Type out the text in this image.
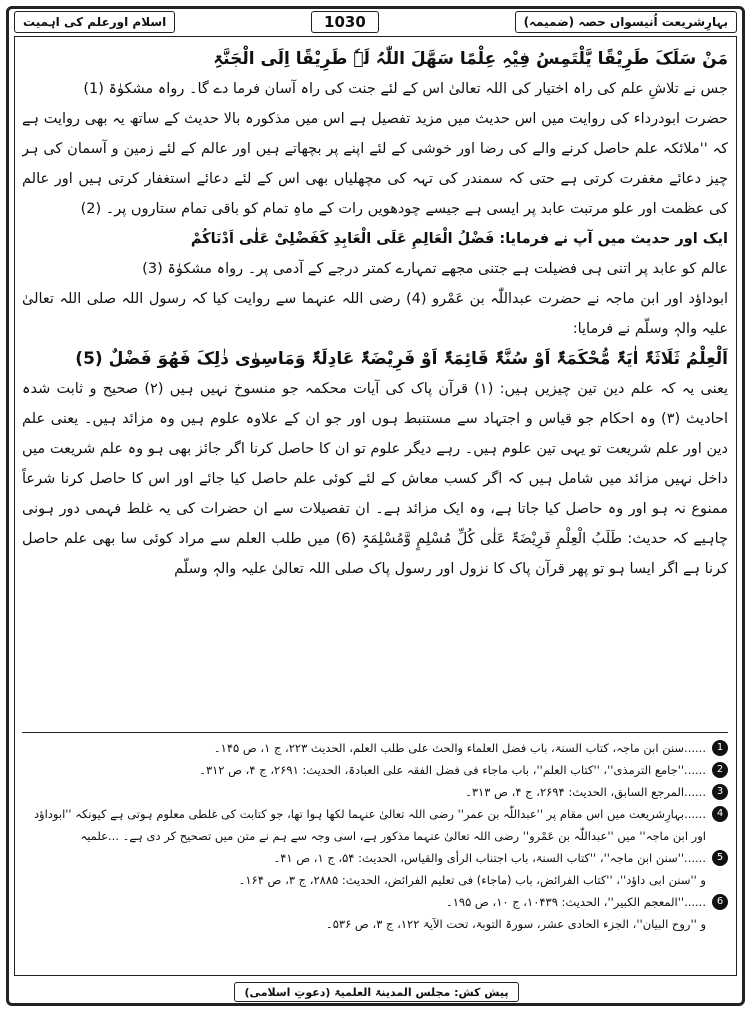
بہارِشریعت اُنیسواں حصہ (ضمیمہ)
1030
اسلام اورعلم کی اہمیت

مَنْ سَلَکَ طَرِیْقًا یَّلْتَمِسُ فِیْہِ عِلْمًا سَھَّلَ اللّٰہُ لَہٗ طَرِیْقًا اِلَی الْجَنَّۃِ

جس نے تلاشِ علم کی راہ اختیار کی اللہ تعالیٰ اس کے لئے جنت کی راہ آسان فرما دے گا۔ رواہ مشکوٰۃ (1)

حضرت ابودرداء کی روایت میں اس حدیث میں مزید تفصیل ہے اس میں مذکورہ بالا حدیث کے ساتھ یہ بھی روایت ہے کہ ''ملائکہ علم حاصل کرنے والے کی رضا اور خوشی کے لئے اپنے پر بچھاتے ہیں اور عالم کے لئے زمین و آسمان کی ہر چیز دعائے مغفرت کرتی ہے حتی کہ سمندر کی تہہ کی مچھلیاں بھی اس کے لئے دعائے استغفار کرتی ہیں اور عالم کی عظمت اور علو مرتبت عابد پر ایسی ہے جیسے چودھویں رات کے ماہِ تمام کو باقی تمام ستاروں پر۔ (2)

ایک اور حدیث میں آپ نے فرمایا: فَضْلُ الْعَالِمِ عَلَی الْعَابِدِ کَفَضْلِیْ عَلٰی اَدْنَاکُمْ

عالم کو عابد پر اتنی ہی فضیلت ہے جتنی مجھے تمہارے کمتر درجے کے آدمی پر۔ رواہ مشکوٰۃ (3)

ابوداؤد اور ابن ماجہ نے حضرت عبداللّٰہ بن عَمْرو (4) رضی اللہ عنہما سے روایت کیا کہ رسول اللہ صلی اللہ تعالیٰ علیہ والہٖ وسلّم نے فرمایا:

اَلْعِلْمُ ثَلَاثَۃٌ اٰیَۃٌ مُّحْکَمَۃٌ اَوْ سُنَّۃٌ قَائِمَۃٌ اَوْ فَرِیْضَۃٌ عَادِلَۃٌ وَمَاسِوٰی ذٰلِکَ فَھُوَ فَضْلٌ (5)

یعنی یہ کہ علم دین تین چیزیں ہیں: (۱) قرآن پاک کی آیات محکمہ جو منسوخ نہیں ہیں (۲) صحیح و ثابت شدہ احادیث (۳) وہ احکام جو قیاس و اجتہاد سے مستنبط ہوں اور جو ان کے علاوہ علوم ہیں وہ مزائد ہیں۔ یعنی علم دین اور علم شریعت تو یہی تین علوم ہیں۔ رہے دیگر علوم تو ان کا حاصل کرنا اگر جائز بھی ہو وہ علم شریعت میں داخل نہیں مزائد میں شامل ہیں کہ اگر کسب معاش کے لئے کوئی علم حاصل کیا جائے اور اس کا حاصل کرنا شرعاً ممنوع نہ ہو اور وہ حاصل کیا جاتا ہے، وہ ایک مزائد ہے۔ ان تفصیلات سے ان حضرات کی یہ غلط فہمی دور ہونی چاہیے کہ حدیث: طَلَبُ الْعِلْمِ فَرِیْضَۃٌ عَلٰی کُلِّ مُسْلِمٍ وَّمُسْلِمَۃٍ (6) میں طلب العلم سے مراد کوئی سا بھی علم حاصل کرنا ہے اگر ایسا ہو تو پھر قرآن پاک کا نزول اور رسول پاک صلی اللہ تعالیٰ علیہ والہٖ وسلّم

1
......سنن ابن ماجہ، کتاب السنۃ، باب فضل العلماء والحث علی طلب العلم، الحدیث ۲۲۳، ج ۱، ص ۱۴۵۔
2
......''جامع الترمذی''، ''کتاب العلم''، باب ماجاء فی فضل الفقہ علی العبادۃ، الحدیث: ۲۶۹۱، ج ۴، ص ۳۱۲۔
3
......المرجع السابق، الحدیث: ۲۶۹۴، ج ۴، ص ۳۱۳۔
4
......بہارِشریعت میں اس مقام پر ''عبداللّٰہ بن عمر'' رضی اللہ تعالیٰ عنہما لکھا ہوا تھا، جو کتابت کی غلطی معلوم ہوتی ہے کیونکہ ''ابوداؤد اور ابن ماجہ'' میں ''عبداللّٰہ بن عَمْرو'' رضی اللہ تعالیٰ عنہما مذکور ہے، اسی وجہ سے ہم نے متن میں تصحیح کر دی ہے۔ ...علمیہ
5
......''سنن ابن ماجہ''، ''کتاب السنۃ، باب اجتناب الرأی والقیاس، الحدیث: ۵۴، ج ۱، ص ۴۱۔
و ''سنن ابی داؤد''، ''کتاب الفرائض، باب (ماجاء) فی تعلیم الفرائض، الحدیث: ۲۸۸۵، ج ۳، ص ۱۶۴۔
6
......''المعجم الکبیر''، الحدیث: ۱۰۴۳۹، ج ۱۰، ص ۱۹۵۔
و ''روح البیان''، الجزء الحادی عشر، سورۃ التوبۃ، تحت الآیۃ ۱۲۲، ج ۳، ص ۵۳۶۔
پیش کش: مجلس المدینۃ العلمیۃ (دعوتِ اسلامی)
